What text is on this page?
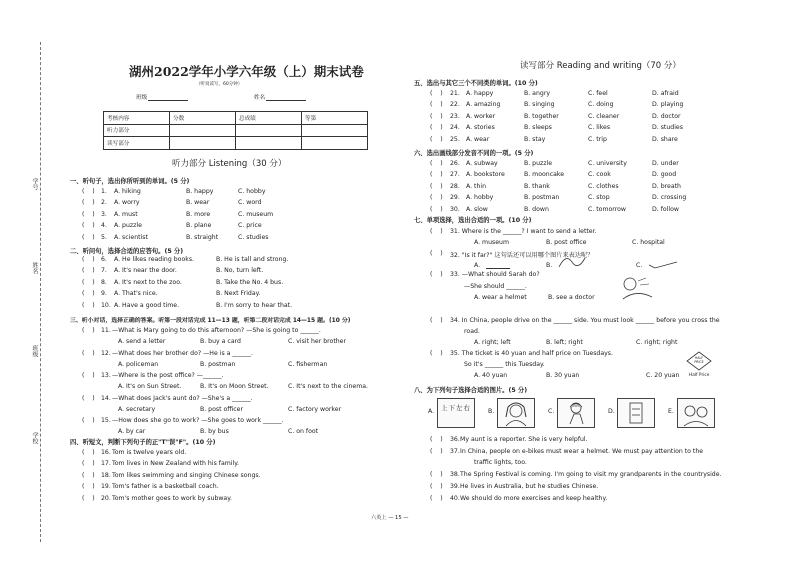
学号
姓名
班级
学校
湖州2022学年小学六年级（上）期末试卷
（听说读写，60分钟）
班级	姓名
考核内容	分数	总成绩	等第
听力部分			
读写部分			
听力部分 Listening（30 分）
一、听句子，选出你所听到的单词。(5 分)
(    ) 1. A. hiking	B. happy	C. hobby
(    ) 2. A. worry	B. wear	C. word
(    ) 3. A. must	B. more	C. museum
(    ) 4. A. puzzle	B. plane	C. price
(    ) 5. A. scientist	B. straight	C. studies
二、听问句，选择合适的应答句。(5 分)
(    ) 6. A. He likes reading books.	B. He is tall and strong.
(    ) 7. A. It's near the door.	B. No, turn left.
(    ) 8. A. It's next to the zoo.	B. Take the No. 4 bus.
(    ) 9. A. That's nice.	B. Next Friday.
(    ) 10. A. Have a good time.	B. I'm sorry to hear that.
三、听小对话，选择正确的答案。听第一段对话完成 11—13 题，听第二段对话完成 14—15 题。(10 分)
(    ) 11. —What is Mary going to do this afternoon? —She is going to ______.
A. send a letter	B. buy a card	C. visit her brother
(    ) 12. —What does her brother do? —He is a ______.
A. policeman	B. postman	C. fisherman
(    ) 13. —Where is the post office? —______.
A. It's on Sun Street.	B. It's on Moon Street.	C. It's next to the cinema.
(    ) 14. —What does Jack's aunt do? —She's a ______.
A. secretary	B. post officer	C. factory worker
(    ) 15. —How does she go to work? —She goes to work ______.
A. by car	B. by bus	C. on foot
四、听短文，判断下列句子的正"T"误"F"。(10 分)
(    ) 16. Tom is twelve years old.
(    ) 17. Tom lives in New Zealand with his family.
(    ) 18. Tom likes swimming and singing Chinese songs.
(    ) 19. Tom's father is a basketball coach.
(    ) 20. Tom's mother goes to work by subway.
读写部分 Reading and writing（70 分）
五、选出与其它三个不同类的单词。(10 分)
(    ) 21. A. happy	B. angry	C. feel	D. afraid
(    ) 22. A. amazing	B. singing	C. doing	D. playing
(    ) 23. A. worker	B. together	C. cleaner	D. doctor
(    ) 24. A. stories	B. sleeps	C. likes	D. studies
(    ) 25. A. wear	B. stay	C. trip	D. share
六、选出画线部分发音不同的一项。(5 分)
(    ) 26. A. subway	B. puzzle	C. university	D. under
(    ) 27. A. bookstore	B. mooncake	C. cook	D. good
(    ) 28. A. thin	B. thank	C. clothes	D. breath
(    ) 29. A. hobby	B. postman	C. stop	D. crossing
(    ) 30. A. slow	B. down	C. tomorrow	D. follow
七、单项选择，选出合适的一项。(10 分)
(    ) 31. Where is the ______? I want to send a letter.
A. museum	B. post office	C. hospital
(    ) 32. "Is it far?" 这句话还可以用哪个图片来表达呢？
A.	B.	C.
(    ) 33. —What should Sarah do?
—She should ______.
A. wear a helmet	B. see a doctor
(    ) 34. In China, people drive on the ______ side. You must look ______ before you cross the
road.
A. right; left	B. left; right	C. right; right
(    ) 35. The ticket is 40 yuan and half price on Tuesdays.
So it's ______ this Tuesday.
HALF PRICE
Half Price
A. 40 yuan	B. 30 yuan	C. 20 yuan
八、为下列句子选择合适的图片。(5 分)
A. 上下左右	B.	C.	D.	E.
(    ) 36. My aunt is a reporter. She is very helpful.
(    ) 37. In China, people on e-bikes must wear a helmet. We must pay attention to the
traffic lights, too.
(    ) 38. The Spring Festival is coming. I'm going to visit my grandparents in the countryside.
(    ) 39. He lives in Australia, but he studies Chinese.
(    ) 40. We should do more exercises and keep healthy.
六英上 — 15 —
